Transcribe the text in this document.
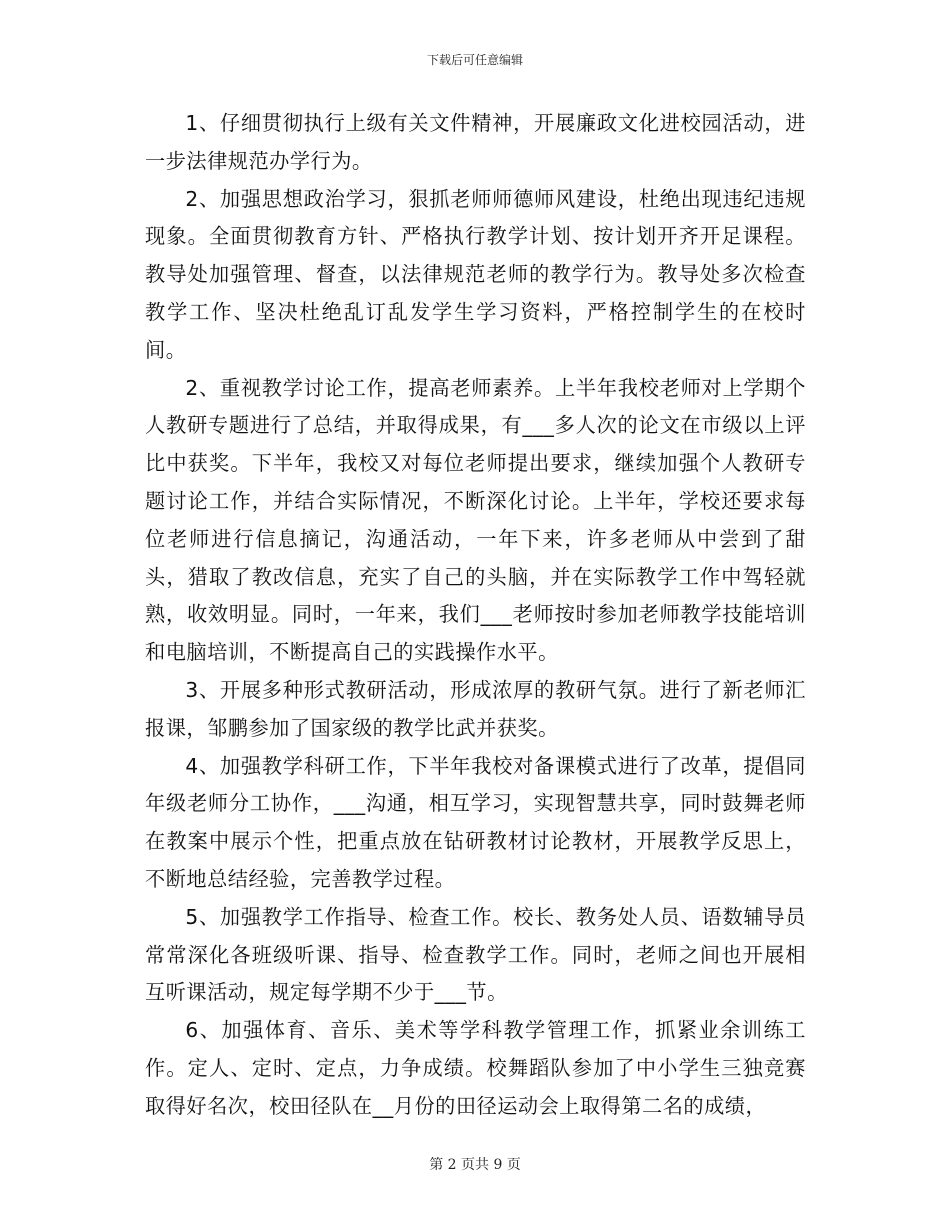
下载后可任意编辑

1、仔细贯彻执行上级有关文件精神，开展廉政文化进校园活动，进一步法律规范办学行为。

2、加强思想政治学习，狠抓老师师德师风建设，杜绝出现违纪违规现象。全面贯彻教育方针、严格执行教学计划、按计划开齐开足课程。教导处加强管理、督查，以法律规范老师的教学行为。教导处多次检查教学工作、坚决杜绝乱订乱发学生学习资料，严格控制学生的在校时间。

2、重视教学讨论工作，提高老师素养。上半年我校老师对上学期个人教研专题进行了总结，并取得成果，有___多人次的论文在市级以上评比中获奖。下半年，我校又对每位老师提出要求，继续加强个人教研专题讨论工作，并结合实际情况，不断深化讨论。上半年，学校还要求每位老师进行信息摘记，沟通活动，一年下来，许多老师从中尝到了甜头，猎取了教改信息，充实了自己的头脑，并在实际教学工作中驾轻就熟，收效明显。同时，一年来，我们___老师按时参加老师教学技能培训和电脑培训，不断提高自己的实践操作水平。

3、开展多种形式教研活动，形成浓厚的教研气氛。进行了新老师汇报课，邹鹏参加了国家级的教学比武并获奖。

4、加强教学科研工作，下半年我校对备课模式进行了改革，提倡同年级老师分工协作，___沟通，相互学习，实现智慧共享，同时鼓舞老师在教案中展示个性，把重点放在钻研教材讨论教材，开展教学反思上，不断地总结经验，完善教学过程。

5、加强教学工作指导、检查工作。校长、教务处人员、语数辅导员常常深化各班级听课、指导、检查教学工作。同时，老师之间也开展相互听课活动，规定每学期不少于___节。

6、加强体育、音乐、美术等学科教学管理工作，抓紧业余训练工作。定人、定时、定点，力争成绩。校舞蹈队参加了中小学生三独竞赛取得好名次，校田径队在__月份的田径运动会上取得第二名的成绩，

第 2 页共 9 页
